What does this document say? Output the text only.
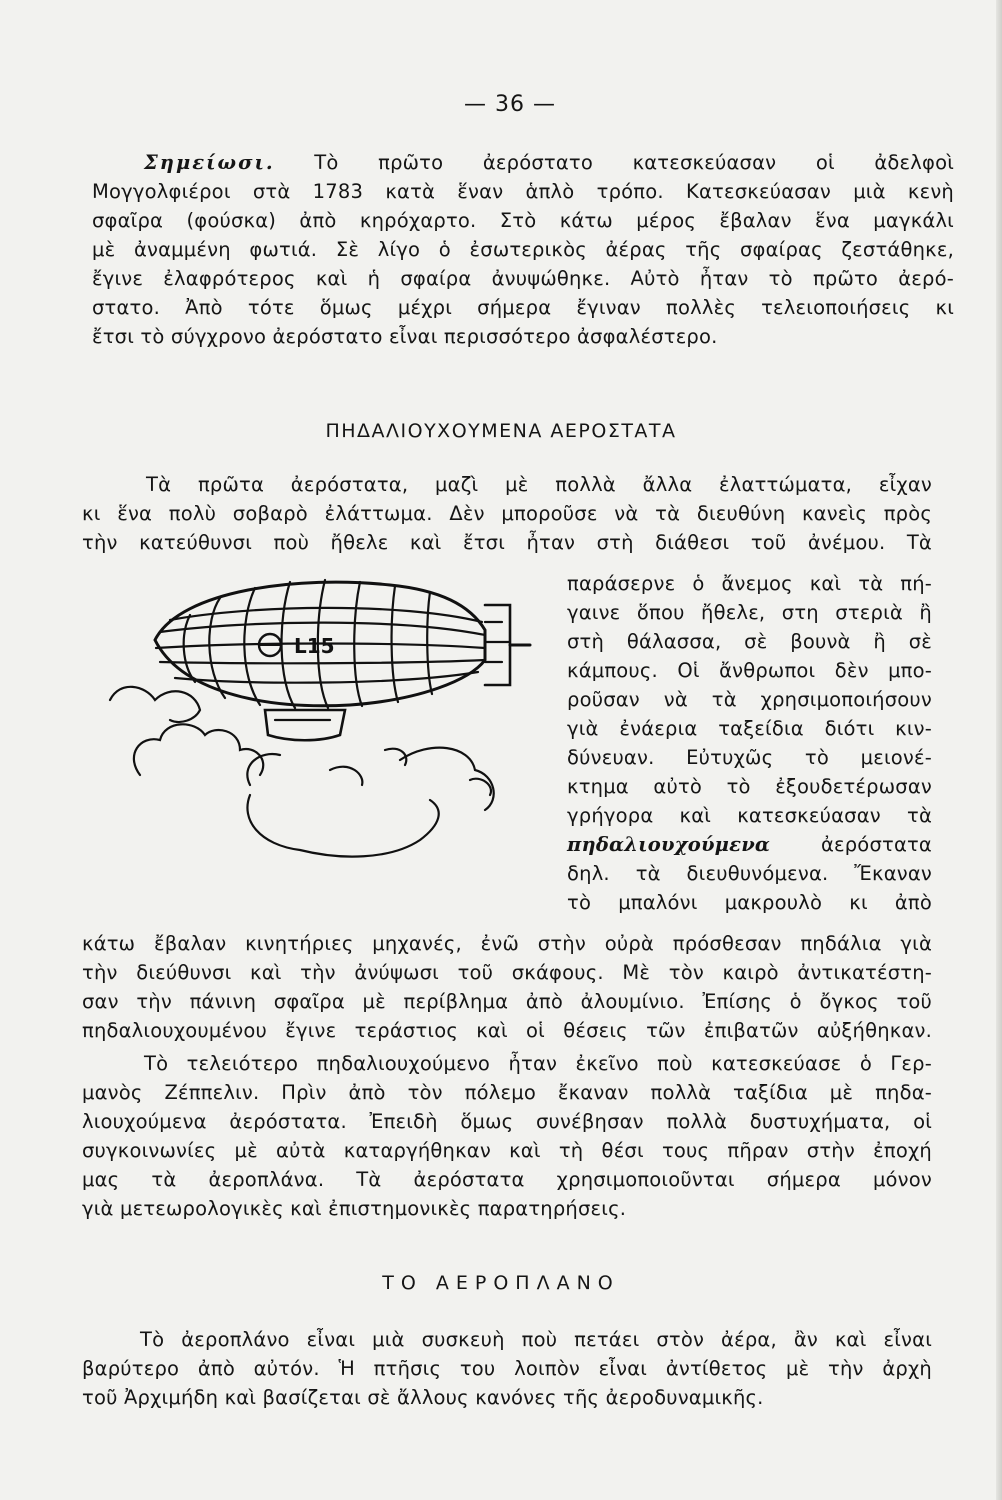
— 36 —
Σημείωσι. Τὸ πρῶτο ἀερόστατο κατεσκεύασαν οἱ ἀδελφοὶ
Μογγολφιέροι στὰ 1783 κατὰ ἕναν ἁπλὸ τρόπο. Κατεσκεύασαν μιὰ κενὴ
σφαῖρα (φούσκα) ἀπὸ κηρόχαρτο. Στὸ κάτω μέρος ἔβαλαν ἕνα μαγκάλι
μὲ ἀναμμένη φωτιά. Σὲ λίγο ὁ ἐσωτερικὸς ἀέρας τῆς σφαίρας ζεστάθηκε,
ἔγινε ἐλαφρότερος καὶ ἡ σφαίρα ἀνυψώθηκε. Αὐτὸ ἦταν τὸ πρῶτο ἀερό-
στατο. Ἀπὸ τότε ὅμως μέχρι σήμερα ἔγιναν πολλὲς τελειοποιήσεις κι
ἔτσι τὸ σύγχρονο ἀερόστατο εἶναι περισσότερο ἀσφαλέστερο.
ΠΗΔΑΛΙΟΥΧΟΥΜΕΝΑ ΑΕΡΟΣΤΑΤΑ
Τὰ πρῶτα ἀερόστατα, μαζὶ μὲ πολλὰ ἄλλα ἐλαττώματα, εἶχαν
κι ἕνα πολὺ σοβαρὸ ἐλάττωμα. Δὲν μποροῦσε νὰ τὰ διευθύνη κανεὶς πρὸς
τὴν κατεύθυνσι ποὺ ἤθελε καὶ ἔτσι ἦταν στὴ διάθεσι τοῦ ἀνέμου. Τὰ
παράσερνε ὁ ἄνεμος καὶ τὰ πή-
γαινε ὅπου ἤθελε, στη στεριὰ ἢ
στὴ θάλασσα, σὲ βουνὰ ἢ σὲ
κάμπους. Οἱ ἄνθρωποι δὲν μπο-
ροῦσαν νὰ τὰ χρησιμοποιήσουν
γιὰ ἐνάερια ταξείδια διότι κιν-
δύνευαν. Εὐτυχῶς τὸ μειονέ-
κτημα αὐτὸ τὸ ἐξουδετέρωσαν
γρήγορα καὶ κατεσκεύασαν τὰ
πηδαλιουχούμενα	ἀερόστατα
δηλ. τὰ διευθυνόμενα. Ἔκαναν
τὸ μπαλόνι μακρουλὸ κι ἀπὸ
L15
κάτω ἔβαλαν κινητήριες μηχανές, ἐνῶ στὴν οὐρὰ πρόσθεσαν πηδάλια γιὰ
τὴν διεύθυνσι καὶ τὴν ἀνύψωσι τοῦ σκάφους. Μὲ τὸν καιρὸ ἀντικατέστη-
σαν τὴν πάνινη σφαῖρα μὲ περίβλημα ἀπὸ ἀλουμίνιο. Ἐπίσης ὁ ὄγκος τοῦ
πηδαλιουχουμένου ἔγινε τεράστιος καὶ οἱ θέσεις τῶν ἐπιβατῶν αὐξήθηκαν.
Τὸ τελειότερο πηδαλιουχούμενο ἦταν ἐκεῖνο ποὺ κατεσκεύασε ὁ Γερ-
μανὸς Ζέππελιν. Πρὶν ἀπὸ τὸν πόλεμο ἔκαναν πολλὰ ταξίδια μὲ πηδα-
λιουχούμενα ἀερόστατα. Ἐπειδὴ ὅμως συνέβησαν πολλὰ δυστυχήματα, οἱ
συγκοινωνίες μὲ αὐτὰ καταργήθηκαν καὶ τὴ θέσι τους πῆραν στὴν ἐποχή
μας τὰ ἀεροπλάνα. Τὰ ἀερόστατα χρησιμοποιοῦνται σήμερα μόνον
γιὰ μετεωρολογικὲς καὶ ἐπιστημονικὲς παρατηρήσεις.
ΤΟ ΑΕΡΟΠΛΑΝΟ
Τὸ ἀεροπλάνο εἶναι μιὰ συσκευὴ ποὺ πετάει στὸν ἀέρα, ἂν καὶ εἶναι
βαρύτερο ἀπὸ αὐτόν. Ἡ πτῆσις του λοιπὸν εἶναι ἀντίθετος μὲ τὴν ἀρχὴ
τοῦ Ἀρχιμήδη καὶ βασίζεται σὲ ἄλλους κανόνες τῆς ἀεροδυναμικῆς.
